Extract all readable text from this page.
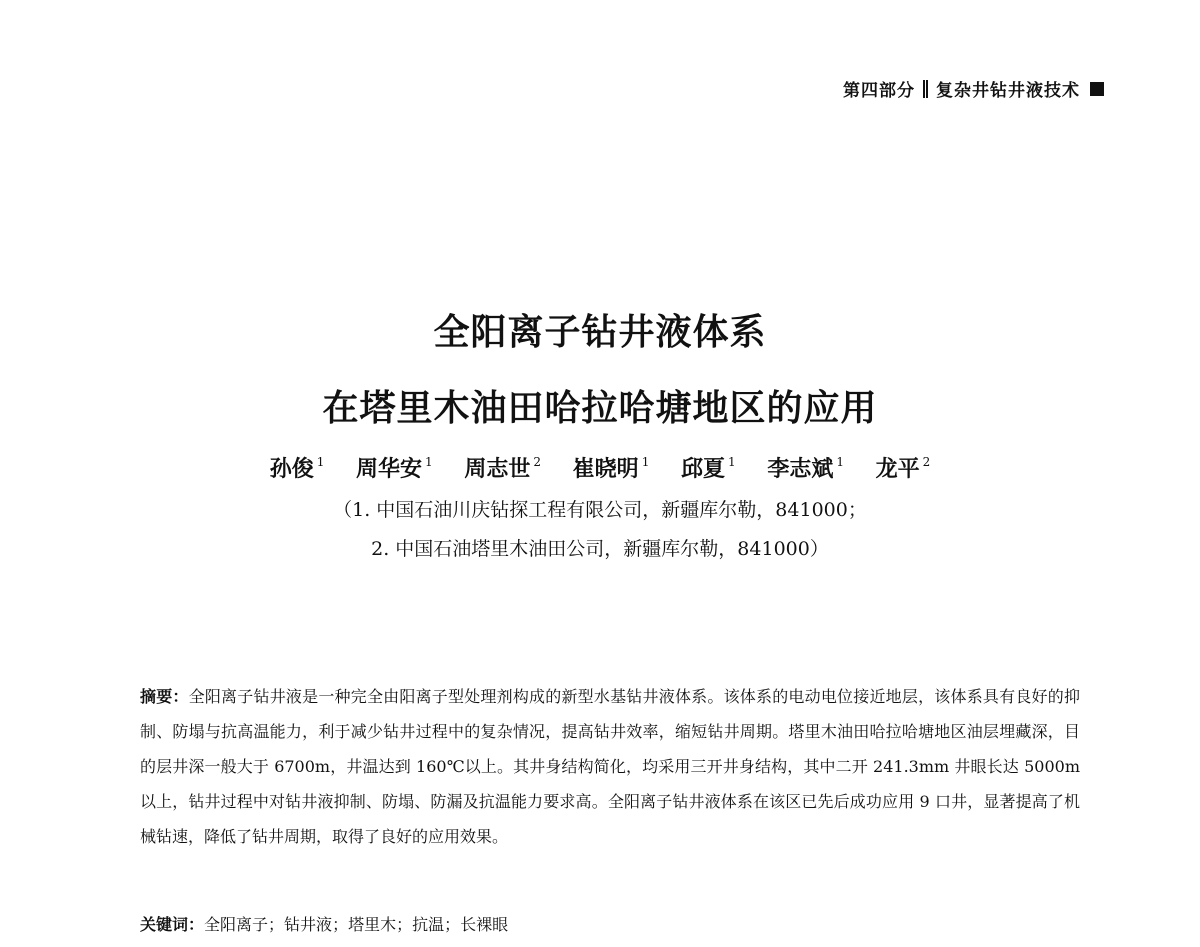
第四部分 复杂井钻井液技术
全阳离子钻井液体系
在塔里木油田哈拉哈塘地区的应用
孙俊 $^1$ 周华安 $^1$ 周志世 $^2$ 崔晓明 $^1$ 邱夏 $^1$ 李志斌 $^1$ 龙平 $^2$
（1. 中国石油川庆钻探工程有限公司，新疆库尔勒，841000；
2. 中国石油塔里木油田公司，新疆库尔勒，841000）
摘要：全阳离子钻井液是一种完全由阳离子型处理剂构成的新型水基钻井液体系。该体系的电动电位接近地层，该体系具有良好的抑制、防塌与抗高温能力，利于减少钻井过程中的复杂情况，提高钻井效率，缩短钻井周期。塔里木油田哈拉哈塘地区油层埋藏深，目的层井深一般大于 6700m，井温达到 160℃以上。其井身结构简化，均采用三开井身结构，其中二开 241.3mm 井眼长达 5000m 以上，钻井过程中对钻井液抑制、防塌、防漏及抗温能力要求高。全阳离子钻井液体系在该区已先后成功应用 9 口井，显著提高了机械钻速，降低了钻井周期，取得了良好的应用效果。
关键词：全阳离子 ； 钻井液 ； 塔里木 ； 抗温 ； 长裸眼
